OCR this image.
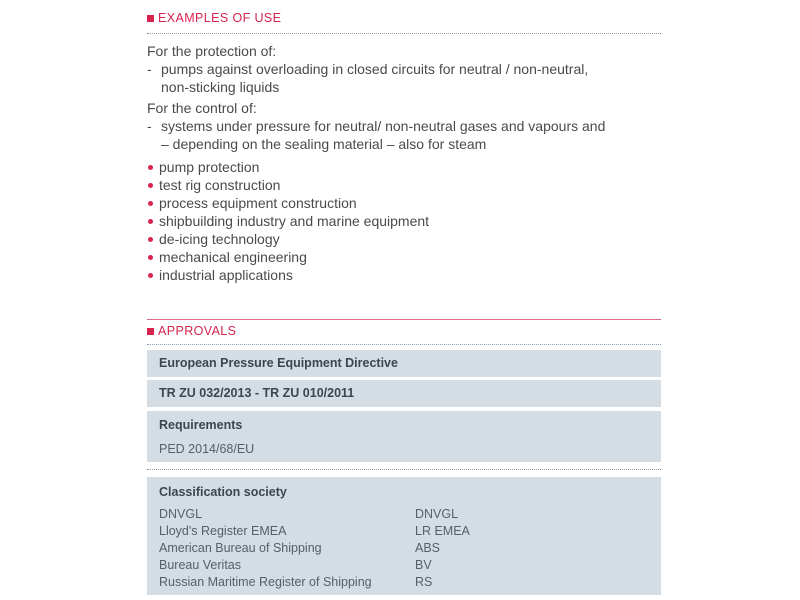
EXAMPLES OF USE
For the protection of:
- pumps against overloading in closed circuits for neutral / non-neutral,
non-sticking liquids
For the control of:
- systems under pressure for neutral/ non-neutral gases and vapours and
– depending on the sealing material – also for steam
pump protection
test rig construction
process equipment construction
shipbuilding industry and marine equipment
de-icing technology
mechanical engineering
industrial applications
APPROVALS
European Pressure Equipment Directive
TR ZU 032/2013 - TR ZU 010/2011
Requirements
PED 2014/68/EU
Classification society
DNVGL	DNVGL
Lloyd's Register EMEA	LR EMEA
American Bureau of Shipping	ABS
Bureau Veritas	BV
Russian Maritime Register of Shipping	RS
